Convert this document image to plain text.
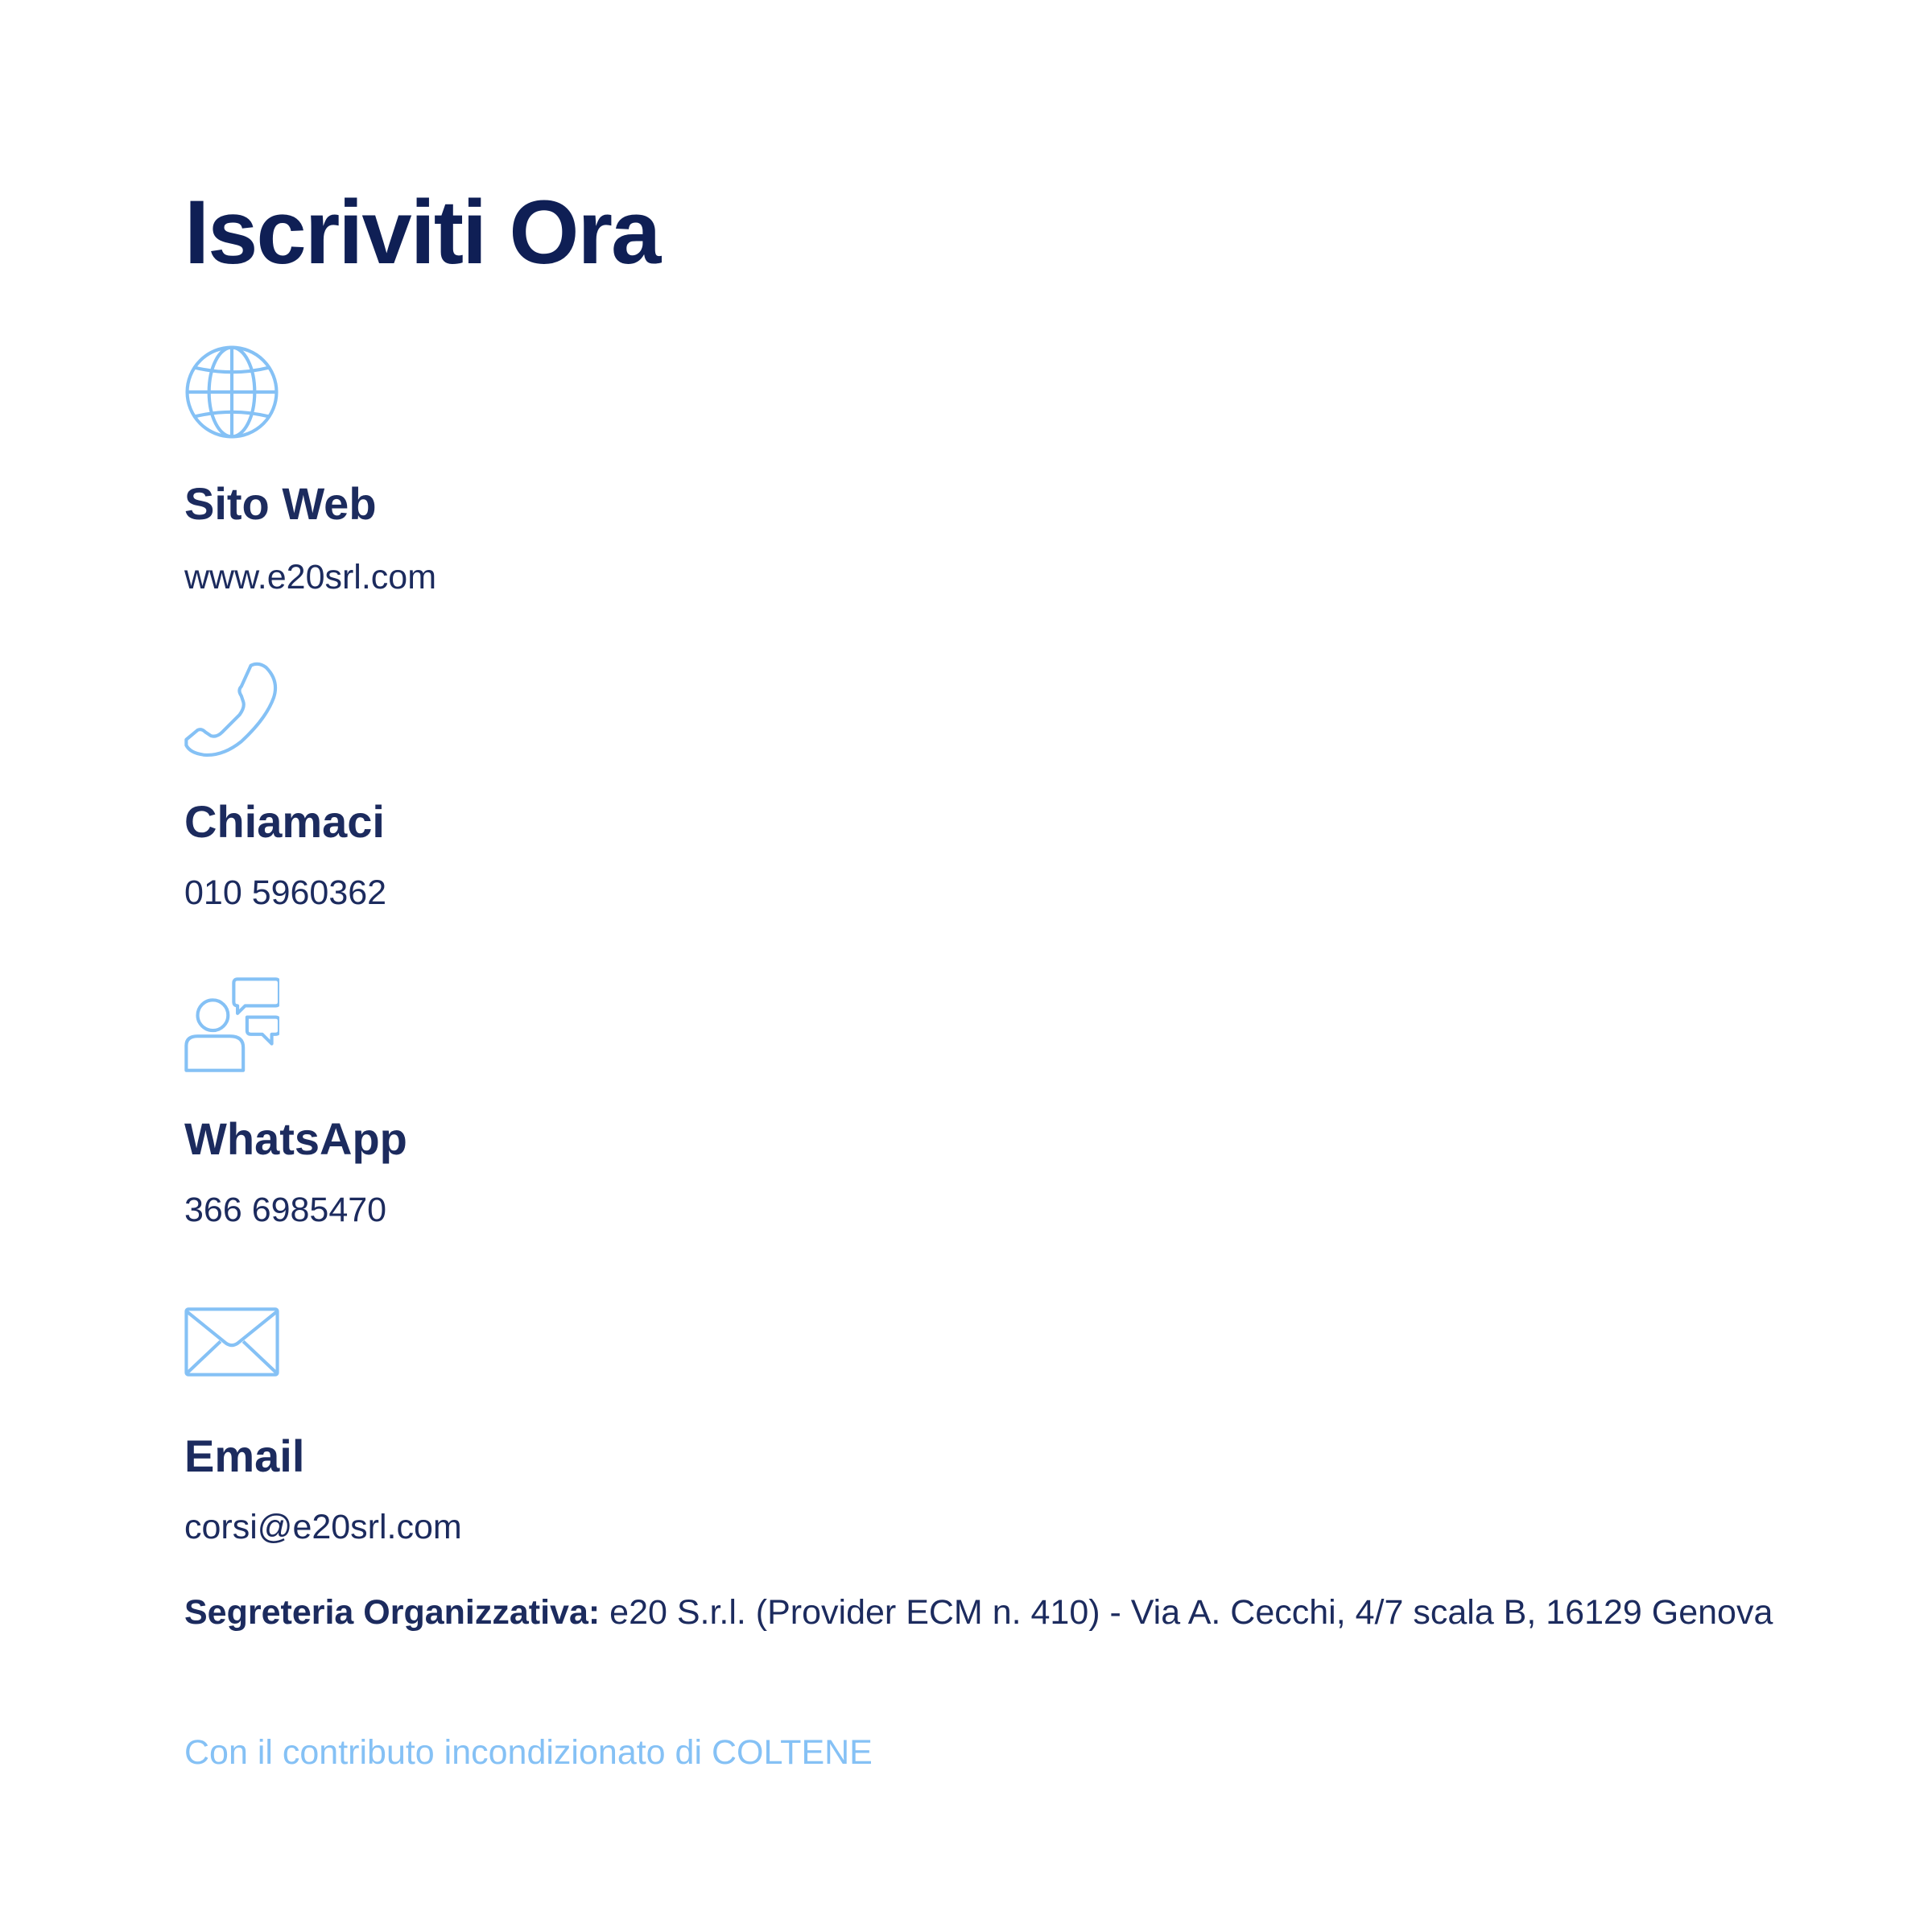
Iscriviti Ora
Sito Web
www.e20srl.com
Chiamaci
010 5960362
WhatsApp
366 6985470
Email
corsi@e20srl.com
Segreteria Organizzativa: e20 S.r.l. (Provider ECM n. 410) - Via A. Cecchi, 4/7 scala B, 16129 Genova
Con il contributo incondizionato di COLTENE
